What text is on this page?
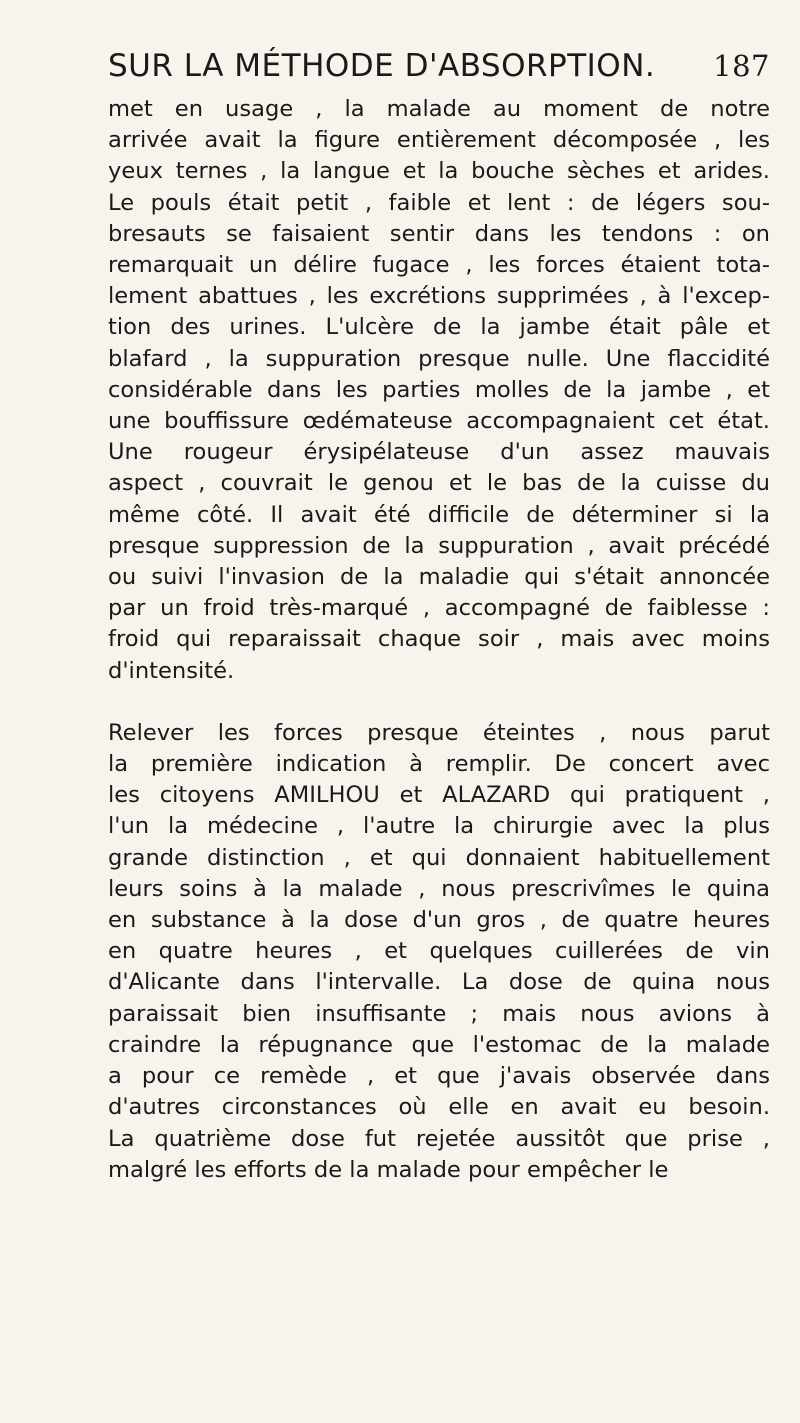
SUR LA MÉTHODE D'ABSORPTION. 187

met en usage , la malade au moment de notre
arrivée avait la figure entièrement décomposée , les
yeux ternes , la langue et la bouche sèches et arides.
Le pouls était petit , faible et lent : de légers sou-
bresauts se faisaient sentir dans les tendons : on
remarquait un délire fugace , les forces étaient tota-
lement abattues , les excrétions supprimées , à l'excep-
tion des urines. L'ulcère de la jambe était pâle et
blafard , la suppuration presque nulle. Une flaccidité
considérable dans les parties molles de la jambe , et
une bouffissure œdémateuse accompagnaient cet état.
Une rougeur érysipélateuse d'un assez mauvais
aspect , couvrait le genou et le bas de la cuisse du
même côté. Il avait été difficile de déterminer si la
presque suppression de la suppuration , avait précédé
ou suivi l'invasion de la maladie qui s'était annoncée
par un froid très-marqué , accompagné de faiblesse :
froid qui reparaissait chaque soir , mais avec moins
d'intensité.

Relever les forces presque éteintes , nous parut
la première indication à remplir. De concert avec
les citoyens AMILHOU et ALAZARD qui pratiquent ,
l'un la médecine , l'autre la chirurgie avec la plus
grande distinction , et qui donnaient habituellement
leurs soins à la malade , nous prescrivîmes le quina
en substance à la dose d'un gros , de quatre heures
en quatre heures , et quelques cuillerées de vin
d'Alicante dans l'intervalle. La dose de quina nous
paraissait bien insuffisante ; mais nous avions à
craindre la répugnance que l'estomac de la malade
a pour ce remède , et que j'avais observée dans
d'autres circonstances où elle en avait eu besoin.
La quatrième dose fut rejetée aussitôt que prise ,
malgré les efforts de la malade pour empêcher le
